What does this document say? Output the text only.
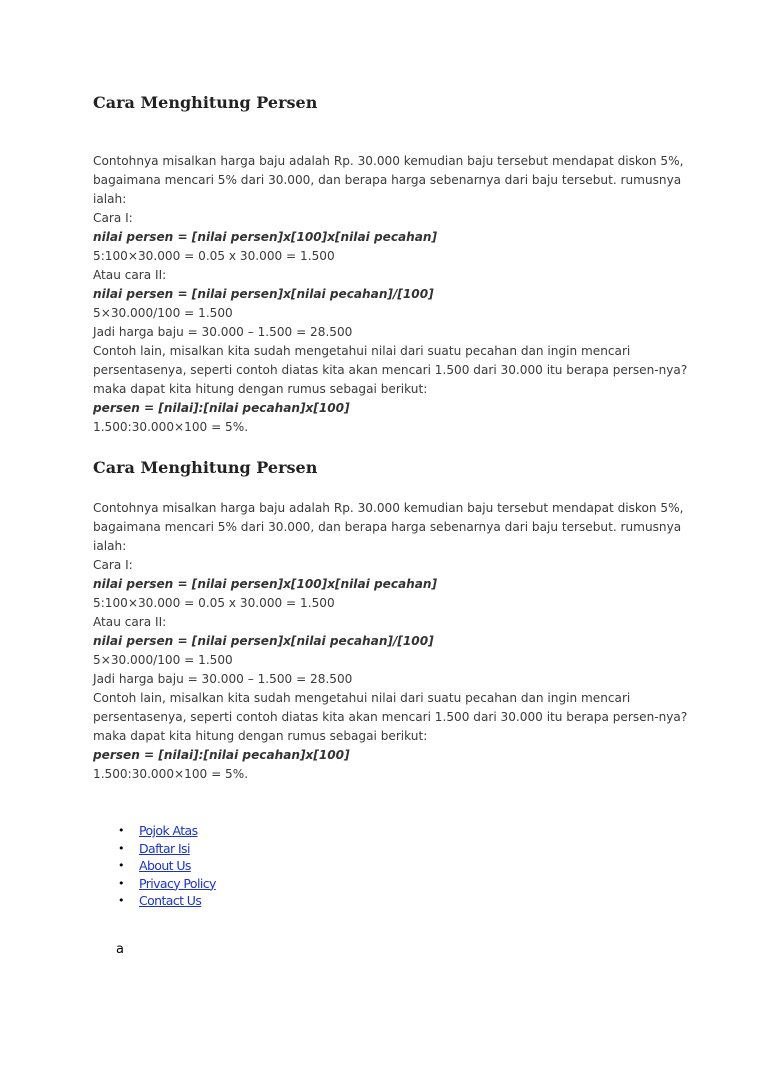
Cara Menghitung Persen
Contohnya misalkan harga baju adalah Rp. 30.000 kemudian baju tersebut mendapat diskon 5%,
bagaimana mencari 5% dari 30.000, dan berapa harga sebenarnya dari baju tersebut. rumusnya
ialah:
Cara I:
nilai persen = [nilai persen]x[100]x[nilai pecahan]
5:100×30.000 = 0.05 x 30.000 = 1.500
Atau cara II:
nilai persen = [nilai persen]x[nilai pecahan]/[100]
5×30.000/100 = 1.500
Jadi harga baju = 30.000 – 1.500 = 28.500
Contoh lain, misalkan kita sudah mengetahui nilai dari suatu pecahan dan ingin mencari
persentasenya, seperti contoh diatas kita akan mencari 1.500 dari 30.000 itu berapa persen-nya?
maka dapat kita hitung dengan rumus sebagai berikut:
persen = [nilai]:[nilai pecahan]x[100]
1.500:30.000×100 = 5%.
Cara Menghitung Persen
Contohnya misalkan harga baju adalah Rp. 30.000 kemudian baju tersebut mendapat diskon 5%,
bagaimana mencari 5% dari 30.000, dan berapa harga sebenarnya dari baju tersebut. rumusnya
ialah:
Cara I:
nilai persen = [nilai persen]x[100]x[nilai pecahan]
5:100×30.000 = 0.05 x 30.000 = 1.500
Atau cara II:
nilai persen = [nilai persen]x[nilai pecahan]/[100]
5×30.000/100 = 1.500
Jadi harga baju = 30.000 – 1.500 = 28.500
Contoh lain, misalkan kita sudah mengetahui nilai dari suatu pecahan dan ingin mencari
persentasenya, seperti contoh diatas kita akan mencari 1.500 dari 30.000 itu berapa persen-nya?
maka dapat kita hitung dengan rumus sebagai berikut:
persen = [nilai]:[nilai pecahan]x[100]
1.500:30.000×100 = 5%.
• Pojok Atas
• Daftar Isi
• About Us
• Privacy Policy
• Contact Us
a
